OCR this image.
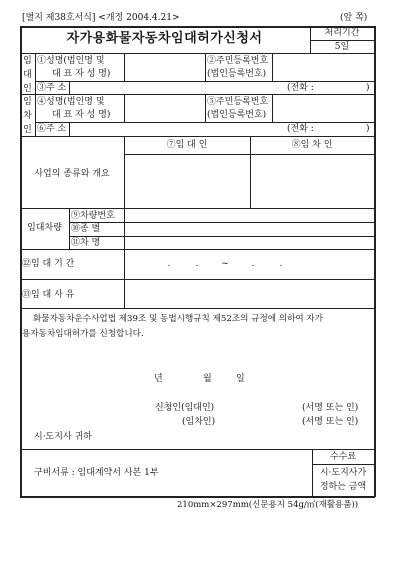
[별지 제38호서식] <개정 2004.4.21>	(앞 쪽)
자가용화물자동차임대허가신청서	처리기간
5일
임
대
인
①성명(법인명 및
대 표 자 성 명)
②주민등록번호
(법인등록번호)
③주 소	(전화 :	)
임
차
인
④성명(법인명 및
대 표 자 성 명)
⑤주민등록번호
(법인등록번호)
⑥주 소	(전화 :	)
사업의 종류와 개요
⑦임 대 인	⑧임 차 인
임대차량
⑨차량번호
⑩종 별
⑪차 명
⑫임 대 기 간	.	.	~	.	.
⑬임 대 사 유
화물자동차운수사업법 제39조 및 동법시행규칙 제52조의 규정에 의하여 자가
용자동차임대허가를 신청합니다.
년	월	일
신청인(임대인)	(서명 또는 인)
(임차인)	(서명 또는 인)
시·도지사 귀하
구비서류 : 임대계약서 사본 1부
수수료
시·도지사가
정하는 금액
210mm×297mm(신문용지 54g/㎡(재활용품))
